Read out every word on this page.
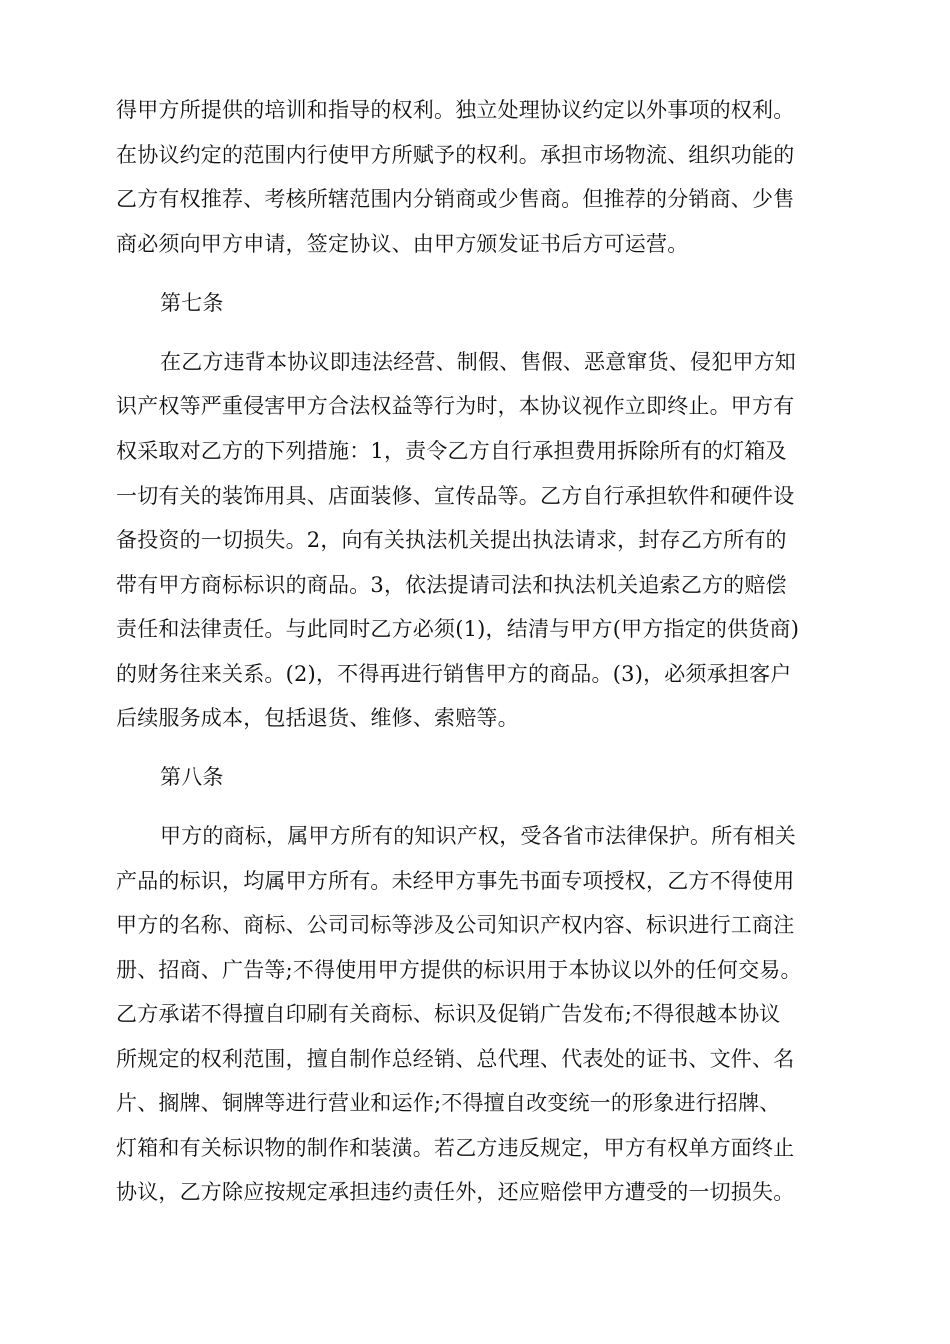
得甲方所提供的培训和指导的权利。独立处理协议约定以外事项的权利。
在协议约定的范围内行使甲方所赋予的权利。承担市场物流、组织功能的
乙方有权推荐、考核所辖范围内分销商或少售商。但推荐的分销商、少售
商必须向甲方申请，签定协议、由甲方颁发证书后方可运营。
第七条
在乙方违背本协议即违法经营、制假、售假、恶意窜货、侵犯甲方知
识产权等严重侵害甲方合法权益等行为时，本协议视作立即终止。甲方有
权采取对乙方的下列措施：1，责令乙方自行承担费用拆除所有的灯箱及
一切有关的装饰用具、店面装修、宣传品等。乙方自行承担软件和硬件设
备投资的一切损失。2，向有关执法机关提出执法请求，封存乙方所有的
带有甲方商标标识的商品。3，依法提请司法和执法机关追索乙方的赔偿
责任和法律责任。与此同时乙方必须(1)，结清与甲方(甲方指定的供货商)
的财务往来关系。(2)，不得再进行销售甲方的商品。(3)，必须承担客户
后续服务成本，包括退货、维修、索赔等。
第八条
甲方的商标，属甲方所有的知识产权，受各省市法律保护。所有相关
产品的标识，均属甲方所有。未经甲方事先书面专项授权，乙方不得使用
甲方的名称、商标、公司司标等涉及公司知识产权内容、标识进行工商注
册、招商、广告等;不得使用甲方提供的标识用于本协议以外的任何交易。
乙方承诺不得擅自印刷有关商标、标识及促销广告发布;不得很越本协议
所规定的权利范围，擅自制作总经销、总代理、代表处的证书、文件、名
片、搁牌、铜牌等进行营业和运作;不得擅自改变统一的形象进行招牌、
灯箱和有关标识物的制作和装潢。若乙方违反规定，甲方有权单方面终止
协议，乙方除应按规定承担违约责任外，还应赔偿甲方遭受的一切损失。
